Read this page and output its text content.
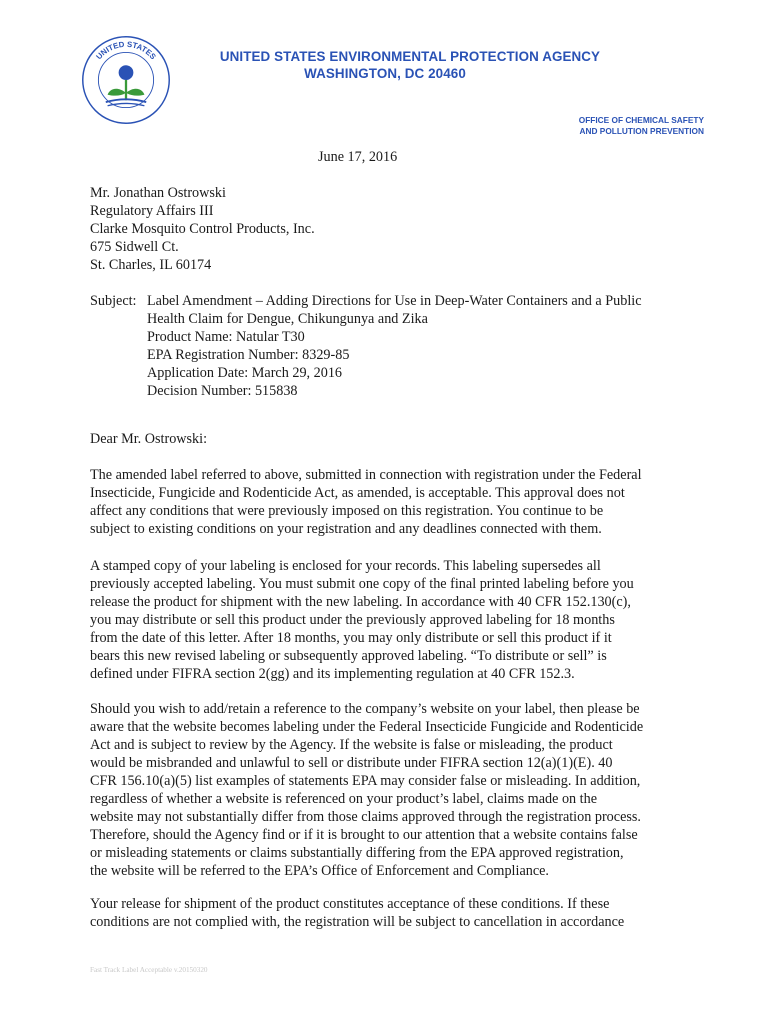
UNITED STATES	UNITED STATES ENVIRONMENTAL PROTECTION AGENCY

WASHINGTON, DC 20460

OFFICE OF CHEMICAL SAFETY

AND POLLUTION PREVENTION

June 17, 2016

Mr. Jonathan Ostrowski
Regulatory Affairs III
Clarke Mosquito Control Products, Inc.
675 Sidwell Ct.
St. Charles, IL 60174
Subject: Label Amendment – Adding Directions for Use in Deep-Water Containers and a Public
Health Claim for Dengue, Chikungunya and Zika
Product Name: Natular T30
EPA Registration Number: 8329-85
Application Date: March 29, 2016
Decision Number: 515838

Dear Mr. Ostrowski:

The amended label referred to above, submitted in connection with registration under the Federal
Insecticide, Fungicide and Rodenticide Act, as amended, is acceptable. This approval does not
affect any conditions that were previously imposed on this registration. You continue to be
subject to existing conditions on your registration and any deadlines connected with them.
A stamped copy of your labeling is enclosed for your records. This labeling supersedes all
previously accepted labeling. You must submit one copy of the final printed labeling before you
release the product for shipment with the new labeling. In accordance with 40 CFR 152.130(c),
you may distribute or sell this product under the previously approved labeling for 18 months
from the date of this letter. After 18 months, you may only distribute or sell this product if it
bears this new revised labeling or subsequently approved labeling. “To distribute or sell” is
defined under FIFRA section 2(gg) and its implementing regulation at 40 CFR 152.3.
Should you wish to add/retain a reference to the company’s website on your label, then please be
aware that the website becomes labeling under the Federal Insecticide Fungicide and Rodenticide
Act and is subject to review by the Agency. If the website is false or misleading, the product
would be misbranded and unlawful to sell or distribute under FIFRA section 12(a)(1)(E). 40
CFR 156.10(a)(5) list examples of statements EPA may consider false or misleading. In addition,
regardless of whether a website is referenced on your product’s label, claims made on the
website may not substantially differ from those claims approved through the registration process.
Therefore, should the Agency find or if it is brought to our attention that a website contains false
or misleading statements or claims substantially differing from the EPA approved registration,
the website will be referred to the EPA’s Office of Enforcement and Compliance.
Your release for shipment of the product constitutes acceptance of these conditions. If these
conditions are not complied with, the registration will be subject to cancellation in accordance

Fast Track Label Acceptable v.20150320
